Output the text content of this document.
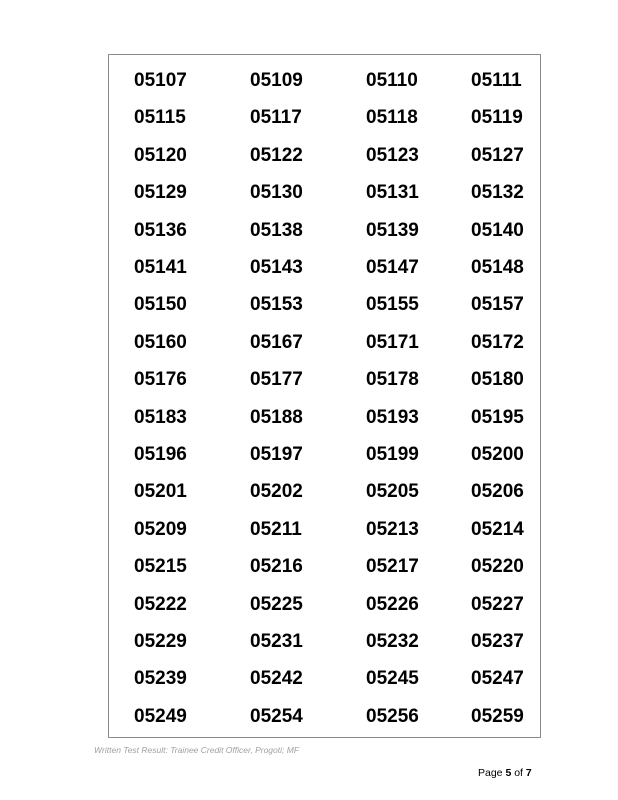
05107	05109	05110	05111
05115	05117	05118	05119
05120	05122	05123	05127
05129	05130	05131	05132
05136	05138	05139	05140
05141	05143	05147	05148
05150	05153	05155	05157
05160	05167	05171	05172
05176	05177	05178	05180
05183	05188	05193	05195
05196	05197	05199	05200
05201	05202	05205	05206
05209	05211	05213	05214
05215	05216	05217	05220
05222	05225	05226	05227
05229	05231	05232	05237
05239	05242	05245	05247
05249	05254	05256	05259
Written Test Result: Trainee Credit Officer, Progoti; MF
Page 5 of 7
